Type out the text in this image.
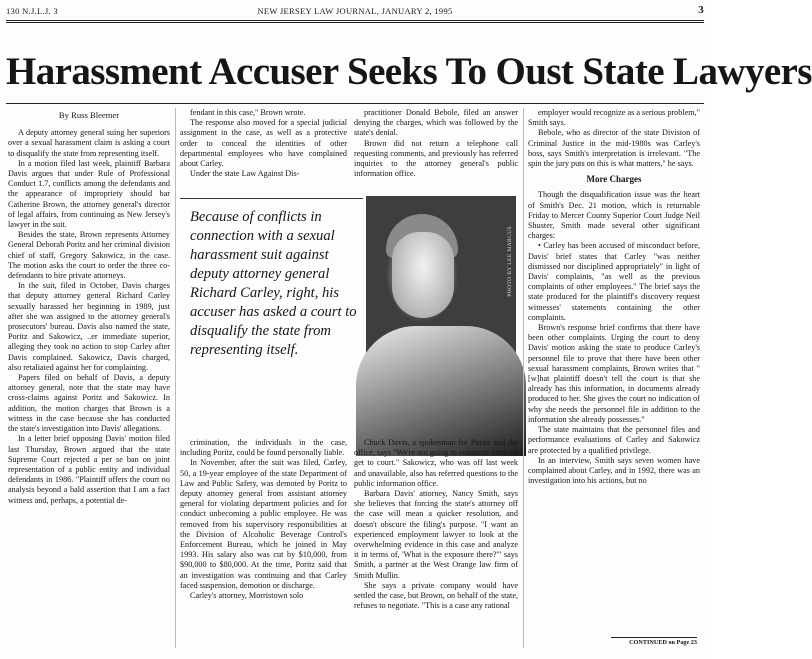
130 N.J.L.J. 3	NEW JERSEY LAW JOURNAL, JANUARY 2, 1995	3
Harassment Accuser Seeks To Oust State Lawyers
By Russ Bleemer

A deputy attorney general suing her superiors over a sexual harassment claim is asking a court to disqualify the state from representing itself.

In a motion filed last week, plaintiff Barbara Davis argues that under Rule of Professional Conduct 1.7, conflicts among the defendants and the appearance of impropriety should bar Catherine Brown, the attorney general's director of legal affairs, from continuing as New Jersey's lawyer in the suit.

Besides the state, Brown represents Attorney General Deborah Poritz and her criminal division chief of staff, Gregory Sakowicz, in the case. The motion asks the court to order the three co-defendants to hire private attorneys.

In the suit, filed in October, Davis charges that deputy attorney general Richard Carley sexually harassed her beginning in 1989, just after she was assigned to the attorney general's prosecutors' bureau. Davis also named the state, Poritz and Sakowicz, ..er immediate superior, alleging they took no action to stop Carley after Davis complained. Sakowicz, Davis charged, also retaliated against her for complaining.

Papers filed on behalf of Davis, a deputy attorney general, note that the state may have cross-claims against Poritz and Sakowicz. In addition, the motion charges that Brown is a witness in the case because she has conducted the state's investigation into Davis' allegations.

In a letter brief opposing Davis' motion filed last Thursday, Brown argued that the state Supreme Court rejected a per se ban on joint representation of a public entity and individual defendants in 1986. "Plaintiff offers the court no analysis beyond a bald assertion that I am a fact witness and, perhaps, a potential de-

fendant in this case," Brown wrote.

The response also moved for a special judicial assignment in the case, as well as a protective order to conceal the identities of other departmental employees who have complained about Carley.

Under the state Law Against Dis-

practitioner Donald Bebole, filed an answer denying the charges, which was followed by the state's denial.

Brown did not return a telephone call requesting comments, and previously has referred inquiries to the attorney general's public information office.

Because of conflicts in connection with a sexual harassment suit against deputy attorney general Richard Carley, right, his accuser has asked a court to disqualify the state from representing itself.
PHOTO BY LEE MARCUS

employer would recognize as a serious problem," Smith says.

Bebole, who as director of the state Division of Criminal Justice in the mid-1980s was Carley's boss, says Smith's interpretation is irrelevant. "The spin the jury puts on this is what matters," he says.

More Charges

Though the disqualification issue was the heart of Smith's Dec. 21 motion, which is returnable Friday to Mercer County Superior Court Judge Neil Shuster, Smith made several other significant charges:

• Carley has been accused of misconduct before, Davis' brief states that Carley "was neither dismissed nor disciplined appropriately" in light of Davis' complaints, "as well as the previous complaints of other employees." The brief says the state produced for the plaintiff's discovery request witnesses' statements containing the other complaints.

Brown's response brief confirms that there have been other complaints. Urging the court to deny Davis' motion asking the state to produce Carley's personnel file to prove that there have been other sexual harassment complaints, Brown writes that "[w]hat plaintiff doesn't tell the court is that she already has this information, in documents already produced to her. She gives the court no indication of why she needs the personnel file in addition to the information she already possesses."

The state maintains that the personnel files and performance evaluations of Carley and Sakowicz are protected by a qualified privilege.

In an interview, Smith says seven women have complained about Carley, and in 1992, there was an investigation into his actions, but no

crimination, the individuals in the case, including Poritz, could be found personally liable.

In November, after the suit was filed, Carley, 50, a 19-year employee of the state Department of Law and Public Safety, was demoted by Poritz to deputy attorney general from assistant attorney general for violating department policies and for conduct unbecoming a public employee. He was removed from his supervisory responsibilities at the Division of Alcoholic Beverage Control's Enforcement Bureau, which he joined in May 1993. His salary also was cut by $10,000, from $90,000 to $80,000. At the time, Poritz said that an investigation was continuing and that Carley faced suspension, demotion or discharge.

Carley's attorney, Morristown solo

Chuck Davis, a spokesman for Poritz and the office, says "We're not going to comment until we get to court." Sakowicz, who was off last week and unavailable, also has referred questions to the public information office.

Barbara Davis' attorney, Nancy Smith, says she believes that forcing the state's attorney off the case will mean a quicker resolution, and doesn't obscure the filing's purpose. "I want an experienced employment lawyer to look at the overwhelming evidence in this case and analyze it in terms of, 'What is the exposure there?'" says Smith, a partner at the West Orange law firm of Smith Mullin.

She says a private company would have settled the case, but Brown, on behalf of the state, refuses to negotiate. "This is a case any rational

CONTINUED on Page 23
